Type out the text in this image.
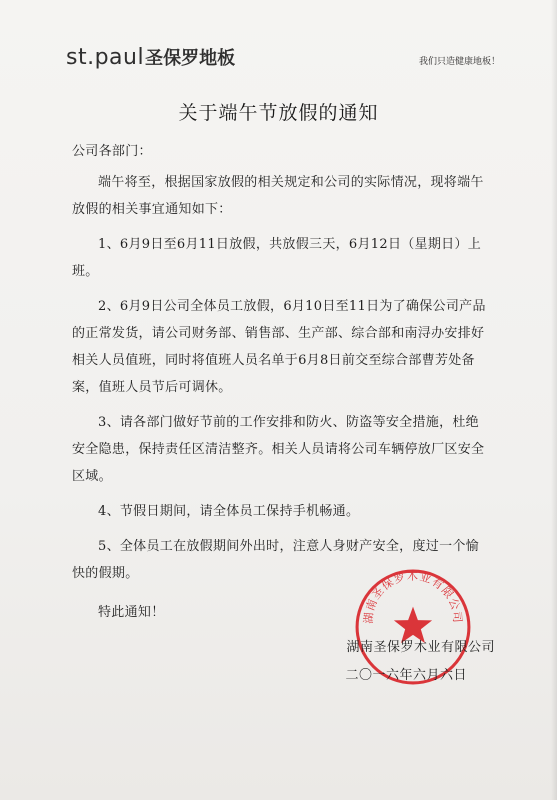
st.paul 圣保罗地板	我们只造健康地板！
关于端午节放假的通知

公司各部门：

端午将至，根据国家放假的相关规定和公司的实际情况，现将端午放假的相关事宜通知如下：

1、6月9日至6月11日放假，共放假三天，6月12日（星期日）上班。

2、6月9日公司全体员工放假，6月10日至11日为了确保公司产品的正常发货，请公司财务部、销售部、生产部、综合部和南浔办安排好相关人员值班，同时将值班人员名单于6月8日前交至综合部曹芳处备案，值班人员节后可调休。

3、请各部门做好节前的工作安排和防火、防盗等安全措施，杜绝安全隐患，保持责任区清洁整齐。相关人员请将公司车辆停放厂区安全区域。

4、节假日期间，请全体员工保持手机畅通。

5、全体员工在放假期间外出时，注意人身财产安全，度过一个愉快的假期。

特此通知！	湖南圣保罗木业有限公司
湖南圣保罗木业有限公司
二〇一六年六月六日
